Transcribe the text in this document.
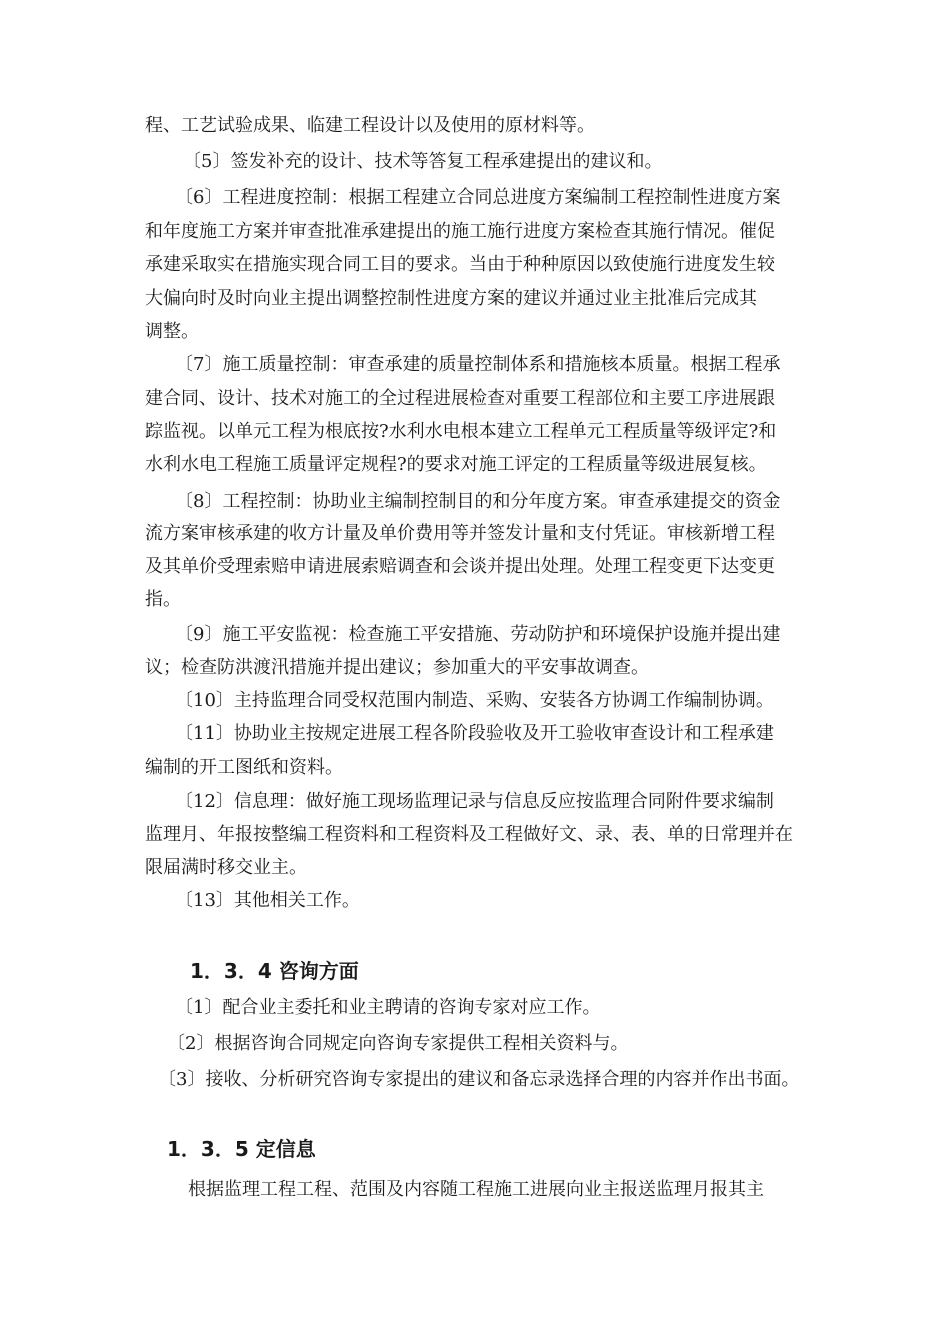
程、工艺试验成果、临建工程设计以及使用的原材料等。
〔5〕签发补充的设计、技术等答复工程承建提出的建议和。
〔6〕工程进度控制：根据工程建立合同总进度方案编制工程控制性进度方案
和年度施工方案并审查批准承建提出的施工施行进度方案检查其施行情况。催促
承建采取实在措施实现合同工目的要求。当由于种种原因以致使施行进度发生较
大偏向时及时向业主提出调整控制性进度方案的建议并通过业主批准后完成其
调整。
〔7〕施工质量控制：审查承建的质量控制体系和措施核本质量。根据工程承
建合同、设计、技术对施工的全过程进展检查对重要工程部位和主要工序进展跟
踪监视。以单元工程为根底按?水利水电根本建立工程单元工程质量等级评定?和
水利水电工程施工质量评定规程?的要求对施工评定的工程质量等级进展复核。
〔8〕工程控制：协助业主编制控制目的和分年度方案。审查承建提交的资金
流方案审核承建的收方计量及单价费用等并签发计量和支付凭证。审核新增工程
及其单价受理索赔申请进展索赔调查和会谈并提出处理。处理工程变更下达变更
指。
〔9〕施工平安监视：检查施工平安措施、劳动防护和环境保护设施并提出建
议；检查防洪渡汛措施并提出建议；参加重大的平安事故调查。
〔10〕主持监理合同受权范围内制造、采购、安装各方协调工作编制协调。
〔11〕协助业主按规定进展工程各阶段验收及开工验收审查设计和工程承建
编制的开工图纸和资料。
〔12〕信息理：做好施工现场监理记录与信息反应按监理合同附件要求编制
监理月、年报按整编工程资料和工程资料及工程做好文、录、表、单的日常理并在
限届满时移交业主。
〔13〕其他相关工作。
1．3．4 咨询方面
〔1〕配合业主委托和业主聘请的咨询专家对应工作。
〔2〕根据咨询合同规定向咨询专家提供工程相关资料与。
〔3〕接收、分析研究咨询专家提出的建议和备忘录选择合理的内容并作出书面。
1．3．5 定信息
根据监理工程工程、范围及内容随工程施工进展向业主报送监理月报其主
